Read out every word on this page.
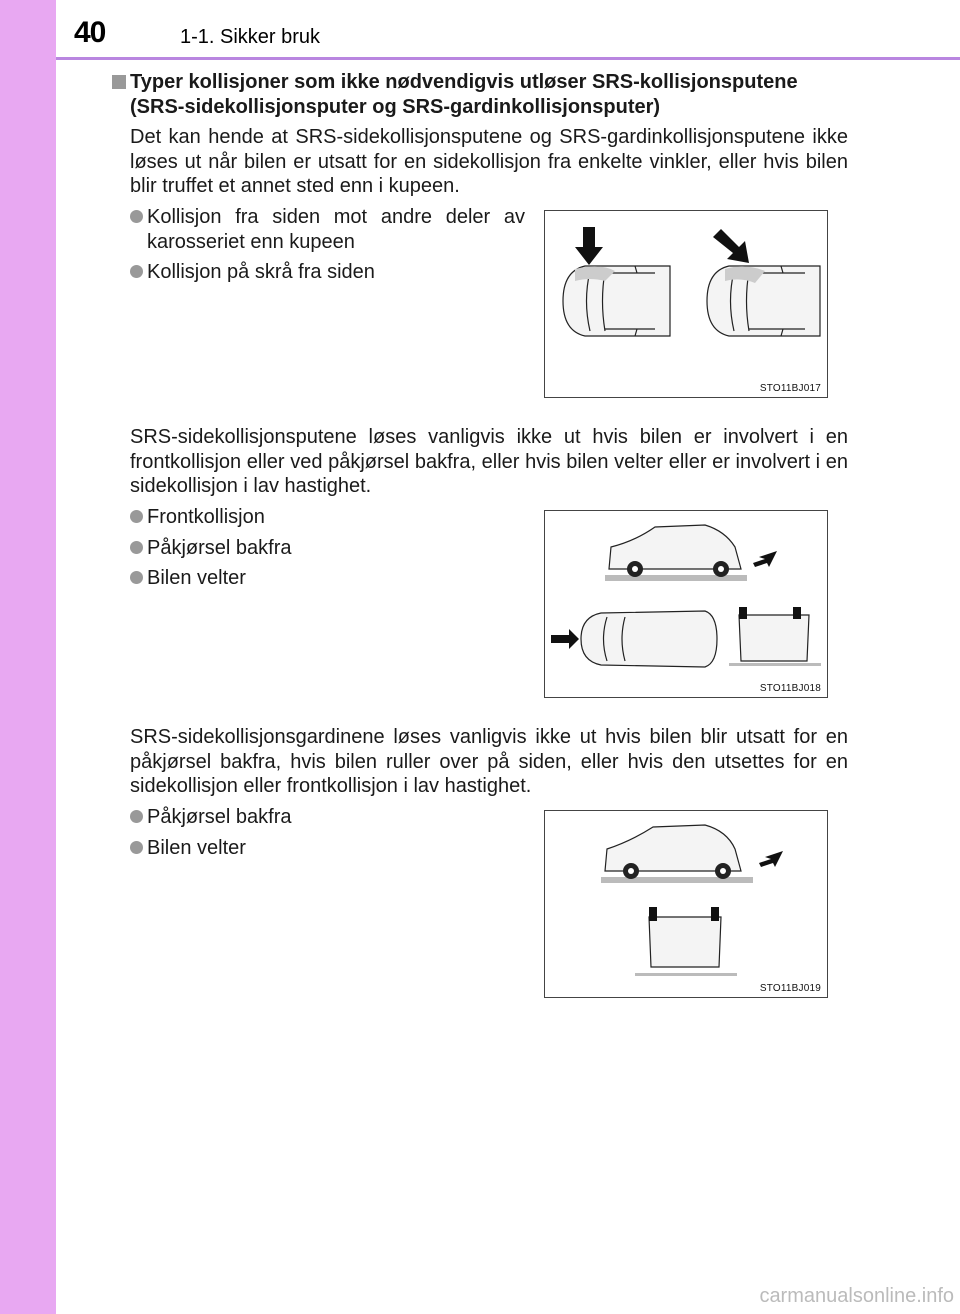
40	1-1. Sikker bruk
Typer kollisjoner som ikke nødvendigvis utløser SRS-kollisjonsputene (SRS-sidekollisjonsputer og SRS-gardinkollisjonsputer)
Det kan hende at SRS-sidekollisjonsputene og SRS-gardinkollisjonsputene ikke løses ut når bilen er utsatt for en sidekollisjon fra enkelte vinkler, eller hvis bilen blir truffet et annet sted enn i kupeen.
Kollisjon fra siden mot andre deler av karosseriet enn kupeen
Kollisjon på skrå fra siden
STO11BJ017
SRS-sidekollisjonsputene løses vanligvis ikke ut hvis bilen er involvert i en frontkollisjon eller ved påkjørsel bakfra, eller hvis bilen velter eller er involvert i en sidekollisjon i lav hastighet.
Frontkollisjon
Påkjørsel bakfra
Bilen velter
STO11BJ018
SRS-sidekollisjonsgardinene løses vanligvis ikke ut hvis bilen blir utsatt for en påkjørsel bakfra, hvis bilen ruller over på siden, eller hvis den utsettes for en sidekollisjon eller frontkollisjon i lav hastighet.
Påkjørsel bakfra
Bilen velter
STO11BJ019
carmanualsonline.info
